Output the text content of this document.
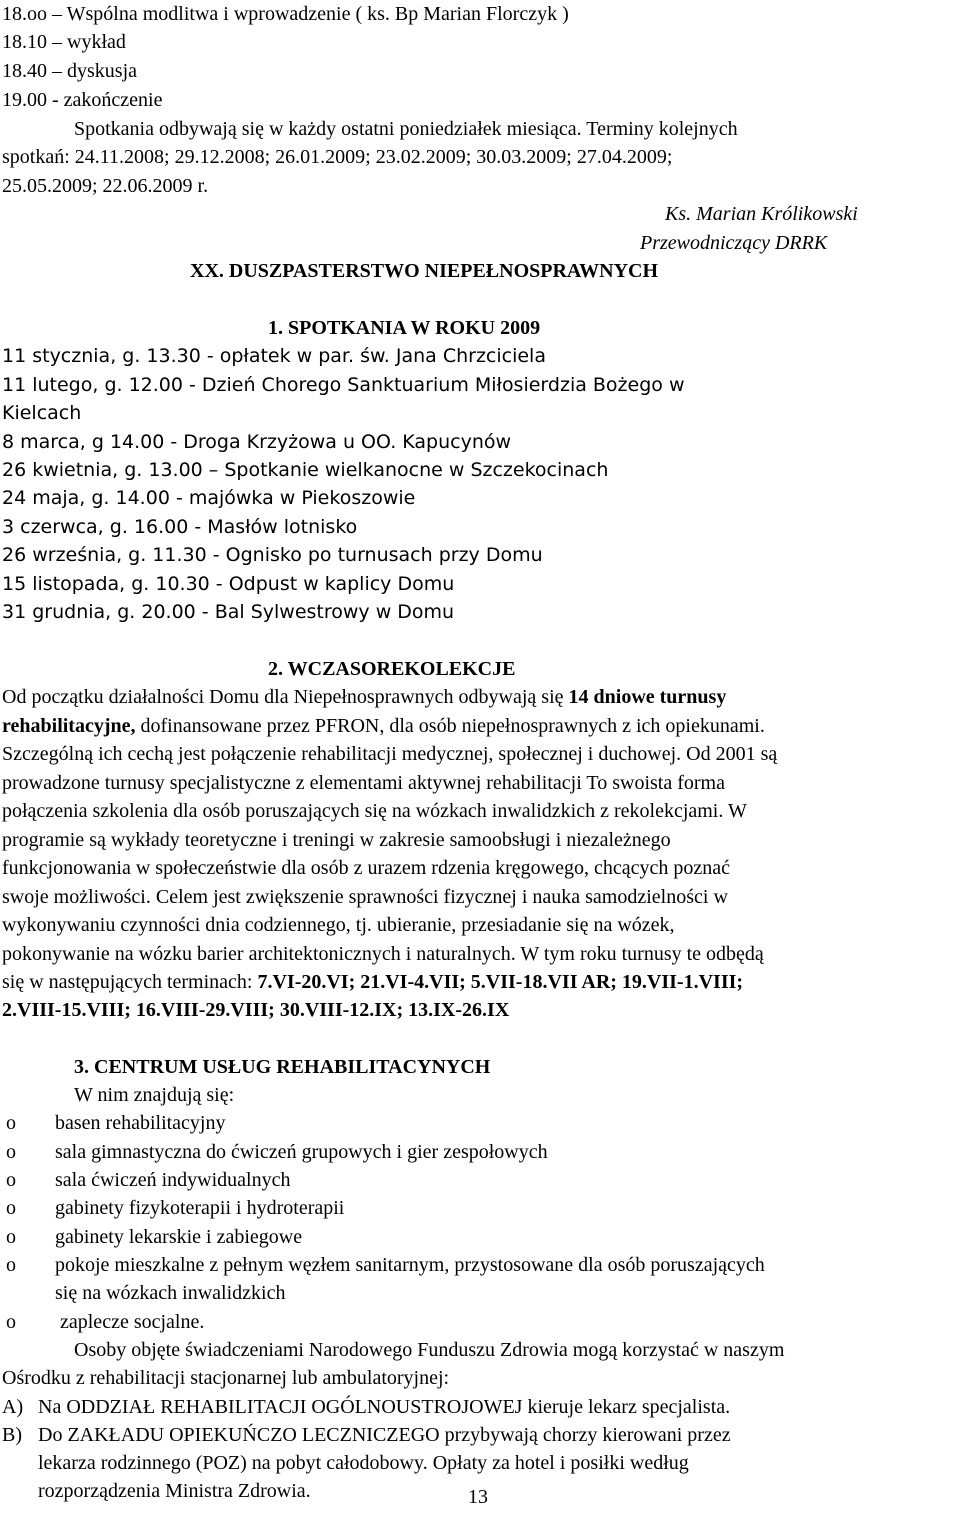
18.oo – Wspólna modlitwa i wprowadzenie ( ks. Bp Marian Florczyk )
18.10 – wykład
18.40 – dyskusja
19.00 - zakończenie
Spotkania odbywają się w każdy ostatni poniedziałek miesiąca. Terminy kolejnych
spotkań: 24.11.2008; 29.12.2008; 26.01.2009; 23.02.2009; 30.03.2009; 27.04.2009;
25.05.2009; 22.06.2009 r.
Ks. Marian Królikowski
Przewodniczący DRRK
XX. DUSZPASTERSTWO NIEPEŁNOSPRAWNYCH
1. SPOTKANIA W ROKU 2009
11 stycznia, g. 13.30 - opłatek w par. św. Jana Chrzciciela
11 lutego, g. 12.00 - Dzień Chorego Sanktuarium Miłosierdzia Bożego w
Kielcach
8 marca, g 14.00 - Droga Krzyżowa u OO. Kapucynów
26 kwietnia, g. 13.00 – Spotkanie wielkanocne w Szczekocinach
24 maja, g. 14.00 - majówka w Piekoszowie
3 czerwca, g. 16.00 - Masłów lotnisko
26 września, g. 11.30 - Ognisko po turnusach przy Domu
15 listopada, g. 10.30 - Odpust w kaplicy Domu
31 grudnia, g. 20.00 - Bal Sylwestrowy w Domu
2. WCZASOREKOLEKCJE
Od początku działalności Domu dla Niepełnosprawnych odbywają się 14 dniowe turnusy
rehabilitacyjne, dofinansowane przez PFRON, dla osób niepełnosprawnych z ich opiekunami.
Szczególną ich cechą jest połączenie rehabilitacji medycznej, społecznej i duchowej. Od 2001 są
prowadzone turnusy specjalistyczne z elementami aktywnej rehabilitacji To swoista forma
połączenia szkolenia dla osób poruszających się na wózkach inwalidzkich z rekolekcjami. W
programie są wykłady teoretyczne i treningi w zakresie samoobsługi i niezależnego
funkcjonowania w społeczeństwie dla osób z urazem rdzenia kręgowego, chcących poznać
swoje możliwości. Celem jest zwiększenie sprawności fizycznej i nauka samodzielności w
wykonywaniu czynności dnia codziennego, tj. ubieranie, przesiadanie się na wózek,
pokonywanie na wózku barier architektonicznych i naturalnych. W tym roku turnusy te odbędą
się w następujących terminach: 7.VI-20.VI; 21.VI-4.VII; 5.VII-18.VII AR; 19.VII-1.VIII;
2.VIII-15.VIII; 16.VIII-29.VIII; 30.VIII-12.IX; 13.IX-26.IX
3. CENTRUM USŁUG REHABILITACYNYCH
W nim znajdują się:
o basen rehabilitacyjny
o sala gimnastyczna do ćwiczeń grupowych i gier zespołowych
o sala ćwiczeń indywidualnych
o gabinety fizykoterapii i hydroterapii
o gabinety lekarskie i zabiegowe
o pokoje mieszkalne z pełnym węzłem sanitarnym, przystosowane dla osób poruszających
się na wózkach inwalidzkich
o zaplecze socjalne.
Osoby objęte świadczeniami Narodowego Funduszu Zdrowia mogą korzystać w naszym
Ośrodku z rehabilitacji stacjonarnej lub ambulatoryjnej:
A) Na ODDZIAŁ REHABILITACJI OGÓLNOUSTROJOWEJ kieruje lekarz specjalista.
B) Do ZAKŁADU OPIEKUŃCZO LECZNICZEGO przybywają chorzy kierowani przez
lekarza rodzinnego (POZ) na pobyt całodobowy. Opłaty za hotel i posiłki według
rozporządzenia Ministra Zdrowia.	13
